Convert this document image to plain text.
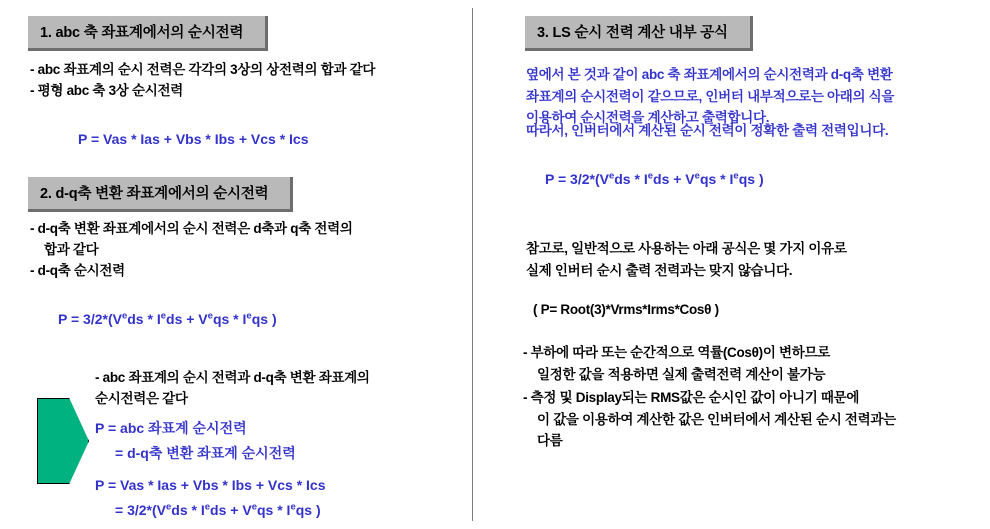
1. abc 축 좌표계에서의 순시전력
- abc 좌표계의 순시 전력은 각각의 3상의 상전력의 합과 같다
- 평형 abc 축 3상 순시전력
P = Vas * Ias + Vbs * Ibs + Vcs * Ics
2. d-q축 변환 좌표계에서의 순시전력
- d-q축 변환 좌표계에서의 순시 전력은 d축과 q축 전력의

합과 같다
- d-q축 순시전력
$P = 3/2*(V^eds * I^eds + V^eqs * Ieqs$ )
- abc 좌표계의 순시 전력과 d-q축 변환 좌표계의
순시전력은 같다
P = abc 좌표계 순시전력
= d-q축 변환 좌표계 순시전력
P = Vas * Ias + Vbs * Ibs + Vcs * Ics
= $3/2*(V^eds * I^eds + V^eqs * Ieqs$ )
3. LS 순시 전력 계산 내부 공식
옆에서 본 것과 같이 abc 축 좌표계에서의 순시전력과 d-q축 변환
좌표계의 순시전력이 같으므로, 인버터 내부적으로는 아래의 식을
이용하여 순시전력을 계산하고 출력합니다.
따라서, 인버터에서 계산된 순시 전력이 정확한 출력 전력입니다.
$P = 3/2*(V^eds * I^eds + V^eqs * Ieqs$ )
참고로, 일반적으로 사용하는 아래 공식은 몇 가지 이유로
실제 인버터 순시 출력 전력과는 맞지 않습니다.
( P= Root(3)*Vrms*Irms*Cosθ )
- 부하에 따라 또는 순간적으로 역률(Cosθ)이 변하므로

일정한 값을 적용하면 실제 출력전력 계산이 불가능
- 측정 및 Display되는 RMS값은 순시인 값이 아니기 때문에

이 값을 이용하여 계산한 값은 인버터에서 계산된 순시 전력과는
다름
